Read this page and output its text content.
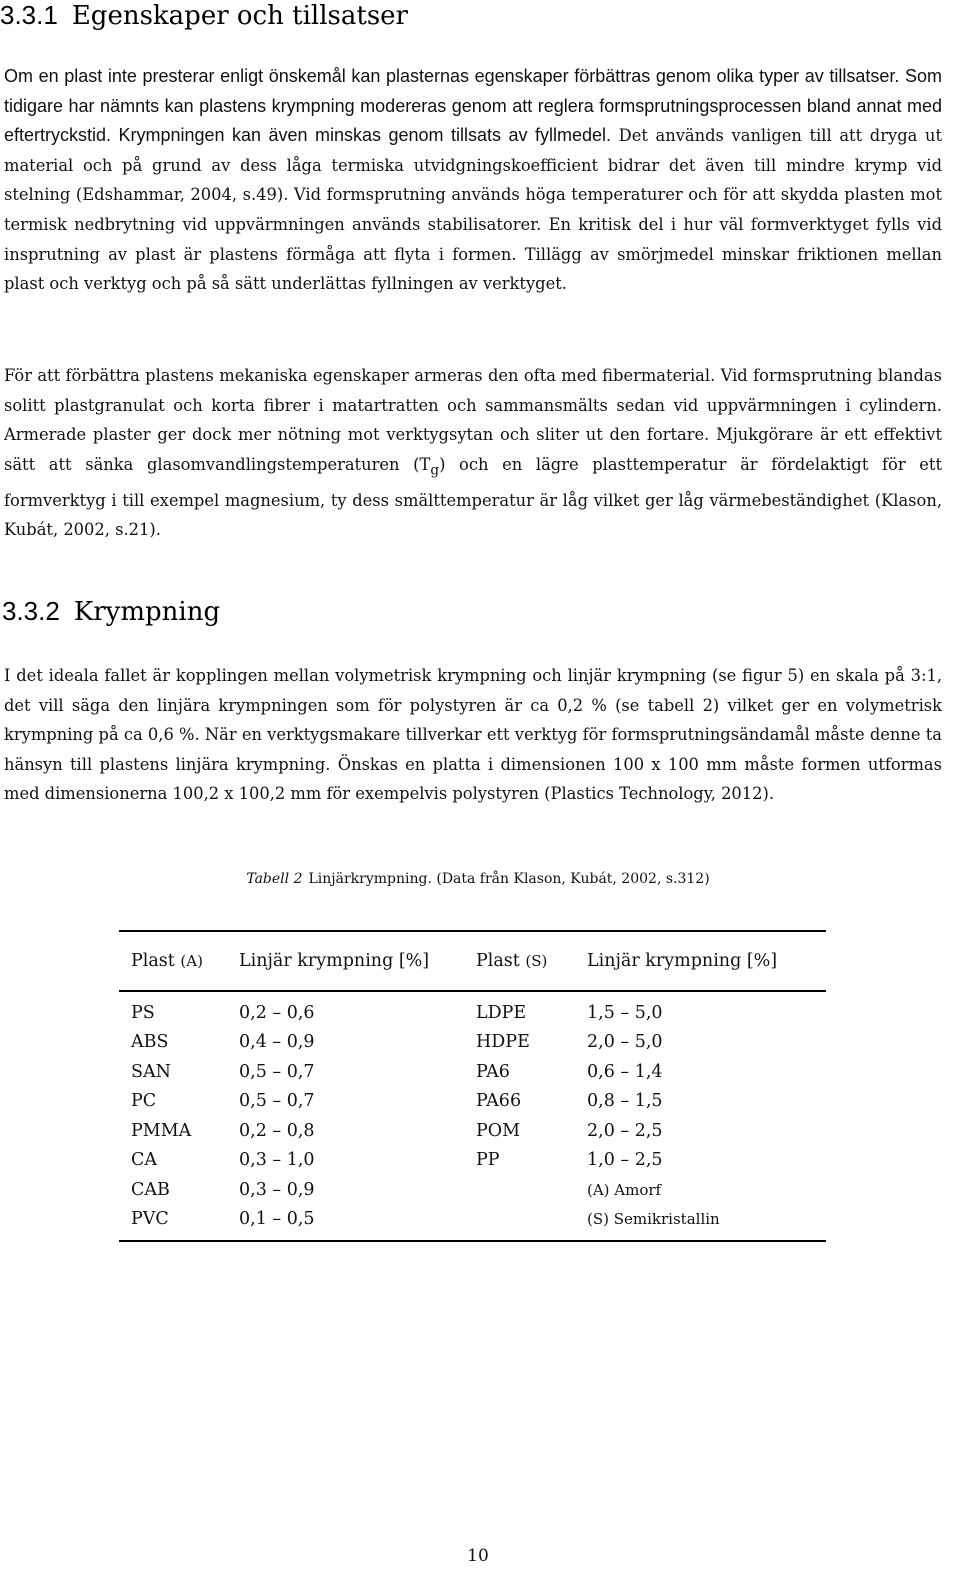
3.3.1 Egenskaper och tillsatser

Om en plast inte presterar enligt önskemål kan plasternas egenskaper förbättras genom olika typer av tillsatser. Som tidigare har nämnts kan plastens krympning modereras genom att reglera formsprutningsprocessen bland annat med eftertryckstid. Krympningen kan även minskas genom tillsats av fyllmedel. Det används vanligen till att dryga ut material och på grund av dess låga termiska utvidgningskoefficient bidrar det även till mindre krymp vid stelning (Edshammar, 2004, s.49). Vid formsprutning används höga temperaturer och för att skydda plasten mot termisk nedbrytning vid uppvärmningen används stabilisatorer. En kritisk del i hur väl formverktyget fylls vid insprutning av plast är plastens förmåga att flyta i formen. Tillägg av smörjmedel minskar friktionen mellan plast och verktyg och på så sätt underlättas fyllningen av verktyget.

För att förbättra plastens mekaniska egenskaper armeras den ofta med fibermaterial. Vid formsprutning blandas solitt plastgranulat och korta fibrer i matartratten och sammansmälts sedan vid uppvärmningen i cylindern. Armerade plaster ger dock mer nötning mot verktygsytan och sliter ut den fortare. Mjukgörare är ett effektivt sätt att sänka glasomvandlingstemperaturen $(T_g)$ och en lägre plasttemperatur är fördelaktigt för ett formverktyg i till exempel magnesium, ty dess smälttemperatur är låg vilket ger låg värmebeständighet (Klason, Kubát, 2002, s.21).

3.3.2 Krympning

I det ideala fallet är kopplingen mellan volymetrisk krympning och linjär krympning (se figur 5) en skala på 3:1, det vill säga den linjära krympningen som för polystyren är ca 0,2 % (se tabell 2) vilket ger en volymetrisk krympning på ca 0,6 %. När en verktygsmakare tillverkar ett verktyg för formsprutningsändamål måste denne ta hänsyn till plastens linjära krympning. Önskas en platta i dimensionen 100 x 100 mm måste formen utformas med dimensionerna 100,2 x 100,2 mm för exempelvis polystyren (Plastics Technology, 2012).

Tabell 2 Linjärkrympning. (Data från Klason, Kubát, 2002, s.312)
Plast (A)	Linjär krympning [%]	Plast (S)	Linjär krympning [%]
PS	0,2 – 0,6	LDPE	1,5 – 5,0
ABS	0,4 – 0,9	HDPE	2,0 – 5,0
SAN	0,5 – 0,7	PA6	0,6 – 1,4
PC	0,5 – 0,7	PA66	0,8 – 1,5
PMMA	0,2 – 0,8	POM	2,0 – 2,5
CA	0,3 – 1,0	PP	1,0 – 2,5
CAB	0,3 – 0,9		(A) Amorf
PVC	0,1 – 0,5		(S) Semikristallin
10
